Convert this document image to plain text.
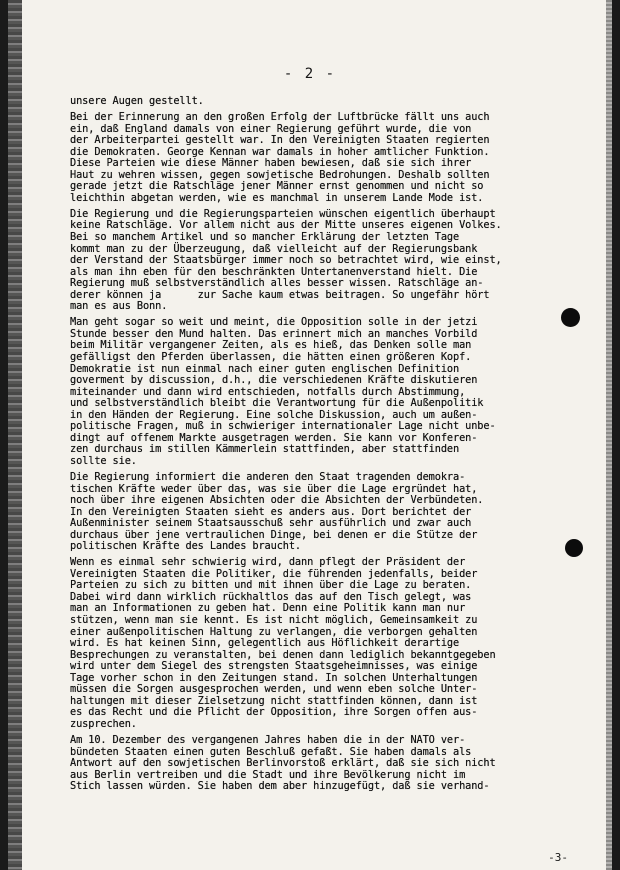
- 2 -
unsere Augen gestellt.
Bei der Erinnerung an den großen Erfolg der Luftbrücke fällt uns auch
ein, daß England damals von einer Regierung geführt wurde, die von
der Arbeiterpartei gestellt war. In den Vereinigten Staaten regierten
die Demokraten. George Kennan war damals in hoher amtlicher Funktion.
Diese Parteien wie diese Männer haben bewiesen, daß sie sich ihrer
Haut zu wehren wissen, gegen sowjetische Bedrohungen. Deshalb sollten
gerade jetzt die Ratschläge jener Männer ernst genommen und nicht so
leichthin abgetan werden, wie es manchmal in unserem Lande Mode ist.
Die Regierung und die Regierungsparteien wünschen eigentlich überhaupt
keine Ratschläge. Vor allem nicht aus der Mitte unseres eigenen Volkes.
Bei so manchem Artikel und so mancher Erklärung der letzten Tage
kommt man zu der Überzeugung, daß vielleicht auf der Regierungsbank
der Verstand der Staatsbürger immer noch so betrachtet wird, wie einst,
als man ihn eben für den beschränkten Untertanenverstand hielt. Die
Regierung muß selbstverständlich alles besser wissen. Ratschläge an-
derer können ja      zur Sache kaum etwas beitragen. So ungefähr hört
man es aus Bonn.
Man geht sogar so weit und meint, die Opposition solle in der jetzi
Stunde besser den Mund halten. Das erinnert mich an manches Vorbild
beim Militär vergangener Zeiten, als es hieß, das Denken solle man
gefälligst den Pferden überlassen, die hätten einen größeren Kopf.
Demokratie ist nun einmal nach einer guten englischen Definition
goverment by discussion, d.h., die verschiedenen Kräfte diskutieren
miteinander und dann wird entschieden, notfalls durch Abstimmung,
und selbstverständlich bleibt die Verantwortung für die Außenpolitik
in den Händen der Regierung. Eine solche Diskussion, auch um außen-
politische Fragen, muß in schwieriger internationaler Lage nicht unbe-
dingt auf offenem Markte ausgetragen werden. Sie kann vor Konferen-
zen durchaus im stillen Kämmerlein stattfinden, aber stattfinden
sollte sie.
Die Regierung informiert die anderen den Staat tragenden demokra-
tischen Kräfte weder über das, was sie über die Lage ergründet hat,
noch über ihre eigenen Absichten oder die Absichten der Verbündeten.
In den Vereinigten Staaten sieht es anders aus. Dort berichtet der
Außenminister seinem Staatsausschuß sehr ausführlich und zwar auch
durchaus über jene vertraulichen Dinge, bei denen er die Stütze der
politischen Kräfte des Landes braucht.
Wenn es einmal sehr schwierig wird, dann pflegt der Präsident der
Vereinigten Staaten die Politiker, die führenden jedenfalls, beider
Parteien zu sich zu bitten und mit ihnen über die Lage zu beraten.
Dabei wird dann wirklich rückhaltlos das auf den Tisch gelegt, was
man an Informationen zu geben hat. Denn eine Politik kann man nur
stützen, wenn man sie kennt. Es ist nicht möglich, Gemeinsamkeit zu
einer außenpolitischen Haltung zu verlangen, die verborgen gehalten
wird. Es hat keinen Sinn, gelegentlich aus Höflichkeit derartige
Besprechungen zu veranstalten, bei denen dann lediglich bekanntgegeben
wird unter dem Siegel des strengsten Staatsgeheimnisses, was einige
Tage vorher schon in den Zeitungen stand. In solchen Unterhaltungen
müssen die Sorgen ausgesprochen werden, und wenn eben solche Unter-
haltungen mit dieser Zielsetzung nicht stattfinden können, dann ist
es das Recht und die Pflicht der Opposition, ihre Sorgen offen aus-
zusprechen.
Am 10. Dezember des vergangenen Jahres haben die in der NATO ver-
bündeten Staaten einen guten Beschluß gefaßt. Sie haben damals als
Antwort auf den sowjetischen Berlinvorstoß erklärt, daß sie sich nicht
aus Berlin vertreiben und die Stadt und ihre Bevölkerung nicht im
Stich lassen würden. Sie haben dem aber hinzugefügt, daß sie verhand-
-3-
